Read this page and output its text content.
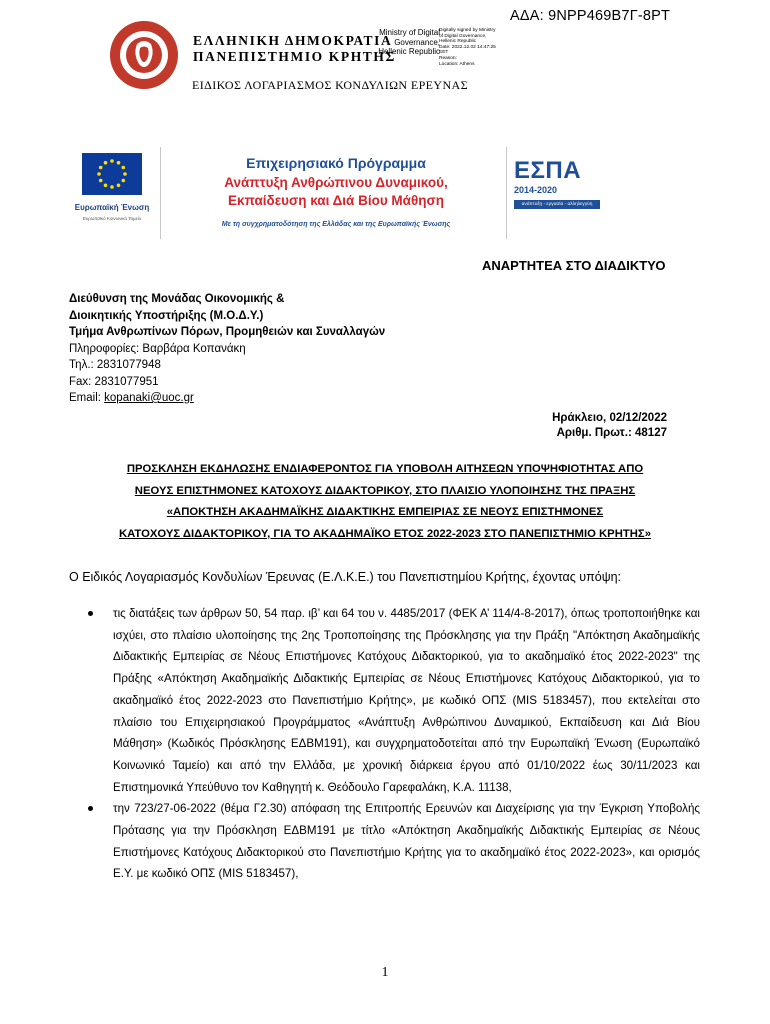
ΑΔΑ: 9ΝΡΡ469Β7Γ-8ΡΤ
ΕΛΛΗΝΙΚΗ ΔΗΜΟΚΡΑΤΙΑ
ΠΑΝΕΠΙΣΤΗΜΙΟ ΚΡΗΤΗΣ
ΕΙΔΙΚΟΣ ΛΟΓΑΡΙΑΣΜΟΣ ΚΟΝΔΥΛΙΩΝ ΕΡΕΥΝΑΣ
Ministry of Digital
Governance,
Hellenic Republic
Digitally signed by Ministry
of Digital Governance,
Hellenic Republic
Date: 2022.12.02 14:47:25
EET
Reason:
Location: Athens
Ευρωπαϊκή Ένωση
Ευρωπαϊκό Κοινωνικό Ταμείο
Επιχειρησιακό Πρόγραμμα
Ανάπτυξη Ανθρώπινου Δυναμικού,
Εκπαίδευση και Διά Βίου Μάθηση
Με τη συγχρηματοδότηση της Ελλάδας και της Ευρωπαϊκής Ένωσης
ΕΣΠΑ
2014-2020
ανάπτυξη - εργασία - αλληλεγγύη
ΑΝΑΡΤΗΤΕΑ ΣΤΟ ΔΙΑΔΙΚΤΥΟ
Διεύθυνση της Μονάδας Οικονομικής &
Διοικητικής Υποστήριξης (Μ.Ο.Δ.Υ.)
Τμήμα Ανθρωπίνων Πόρων, Προμηθειών και Συναλλαγών
Πληροφορίες: Βαρβάρα Κοπανάκη
Τηλ.: 2831077948
Fax: 2831077951
Email: kopanaki@uoc.gr
Ηράκλειο, 02/12/2022
Αριθμ. Πρωτ.: 48127
ΠΡΟΣΚΛΗΣΗ ΕΚΔΗΛΩΣΗΣ ΕΝΔΙΑΦΕΡΟΝΤΟΣ ΓΙΑ ΥΠΟΒΟΛΗ ΑΙΤΗΣΕΩΝ ΥΠΟΨΗΦΙΟΤΗΤΑΣ ΑΠΟ
ΝΕΟΥΣ ΕΠΙΣΤΗΜΟΝΕΣ ΚΑΤΟΧΟΥΣ ΔΙΔΑΚΤΟΡΙΚΟΥ, ΣΤΟ ΠΛΑΙΣΙΟ ΥΛΟΠΟΙΗΣΗΣ ΤΗΣ ΠΡΑΞΗΣ
«ΑΠΟΚΤΗΣΗ ΑΚΑΔΗΜΑΪΚΗΣ ΔΙΔΑΚΤΙΚΗΣ ΕΜΠΕΙΡΙΑΣ ΣΕ ΝΕΟΥΣ ΕΠΙΣΤΗΜΟΝΕΣ
ΚΑΤΟΧΟΥΣ ΔΙΔΑΚΤΟΡΙΚΟΥ, ΓΙΑ ΤΟ ΑΚΑΔΗΜΑΪΚΟ ΕΤΟΣ 2022-2023 ΣΤΟ ΠΑΝΕΠΙΣΤΗΜΙΟ ΚΡΗΤΗΣ»
Ο Ειδικός Λογαριασμός Κονδυλίων Έρευνας (Ε.Λ.Κ.Ε.) του Πανεπιστημίου Κρήτης, έχοντας υπόψη:
τις διατάξεις των άρθρων 50, 54 παρ. ιβ’ και 64 του ν. 4485/2017 (ΦΕΚ Α’ 114/4-8-2017), όπως τροποποιήθηκε και ισχύει, στο πλαίσιο υλοποίησης της 2ης Τροποποίησης της Πρόσκλησης για την Πράξη "Απόκτηση Ακαδημαϊκής Διδακτικής Εμπειρίας σε Νέους Επιστήμονες Κατόχους Διδακτορικού, για το ακαδημαϊκό έτος 2022-2023" της Πράξης «Απόκτηση Ακαδημαϊκής Διδακτικής Εμπειρίας σε Νέους Επιστήμονες Κατόχους Διδακτορικού, για το ακαδημαϊκό έτος 2022-2023 στο Πανεπιστήμιο Κρήτης», με κωδικό ΟΠΣ (MIS 5183457), που εκτελείται στο πλαίσιο του Επιχειρησιακού Προγράμματος «Ανάπτυξη Ανθρώπινου Δυναμικού, Εκπαίδευση και Διά Βίου Μάθηση» (Κωδικός Πρόσκλησης ΕΔΒΜ191), και συγχρηματοδοτείται από την Ευρωπαϊκή Ένωση (Ευρωπαϊκό Κοινωνικό Ταμείο) και από την Ελλάδα, με χρονική διάρκεια έργου από 01/10/2022 έως 30/11/2023 και Επιστημονικά Υπεύθυνο τον Καθηγητή κ. Θεόδουλο Γαρεφαλάκη, Κ.Α. 11138,
την 723/27-06-2022 (θέμα Γ2.30) απόφαση της Επιτροπής Ερευνών και Διαχείρισης για την Έγκριση Υποβολής Πρότασης για την Πρόσκληση ΕΔΒΜ191 με τίτλο «Απόκτηση Ακαδημαϊκής Διδακτικής Εμπειρίας σε Νέους Επιστήμονες Κατόχους Διδακτορικού στο Πανεπιστήμιο Κρήτης για το ακαδημαϊκό έτος 2022-2023», και ορισμός Ε.Υ. με κωδικό ΟΠΣ (MIS 5183457),
1
